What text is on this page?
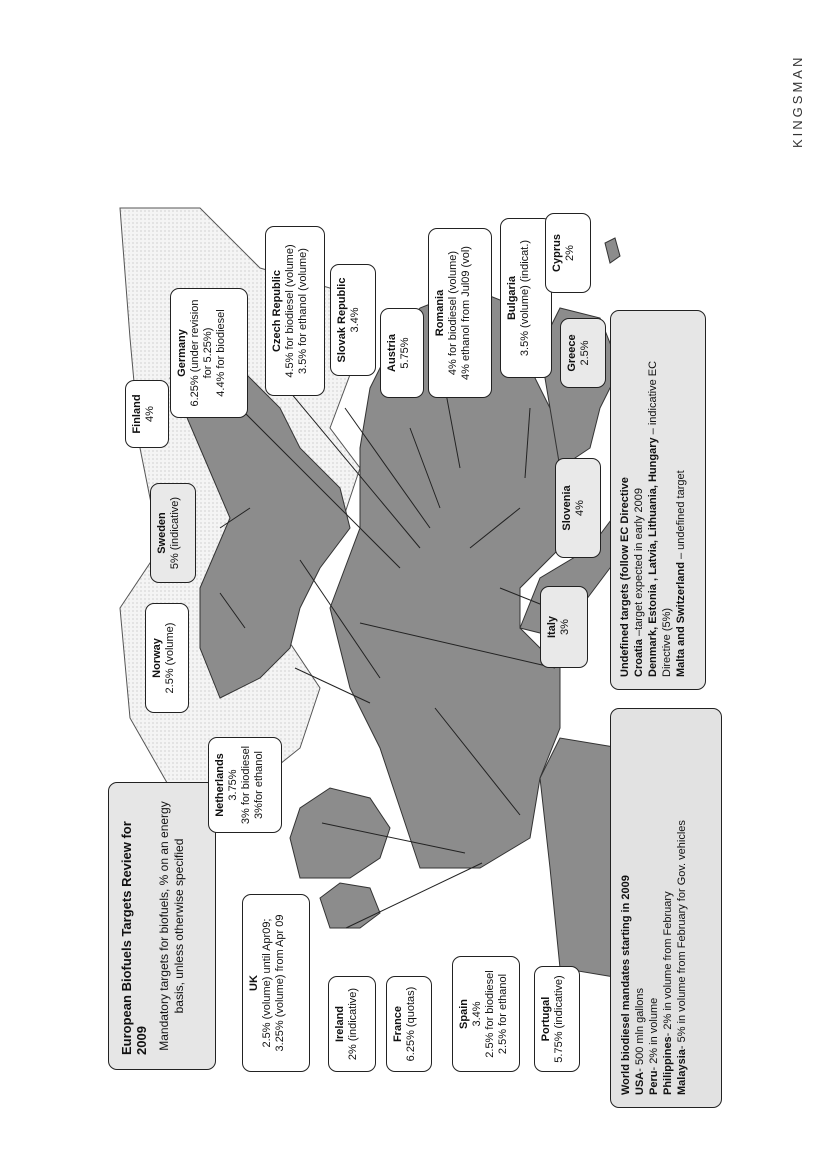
KINGSMAN
European Biofuels Targets Review for 2009 Mandatory targets for biofuels, % on an energy basis, unless otherwise specified	UK 2.5% (volume) until Apr09; 3.25% (volume) from Apr 09	Ireland 2% (indicative)	France 6.25% (quotas)	Spain 3.4% 2.5% for biodiesel 2.5% for ethanol	Portugal 5.75% (indicative)
Netherlands 3.75% 3% for biodiesel 3%for ethanol
Norway 2.5% (volume)
Sweden 5% (indicative)
Finland 4%
Germany 6.25% (under revision for 5.25%) 4.4% for biodiesel	Czech Republic 4.5% for biodiesel (volume) 3.5% for ethanol (volume) Slovak Republic 3.4%
Austria 5.75%
Romania 4% for biodiesel (volume) 4% ethanol from Jul09 (vol)	Bulgaria 3.5% (volume) (indicat.) Cyprus 2%
Greece 2.5%
Slovenia 4%
Italy 3%
World biodiesel mandates starting in 2009 USA- 500 mln gallons
Peru- 2% in volume Philippines- 2% in volume from February
Malaysia- 5% in volume from February for Gov. vehicles
Undefined targets (follow EC Directive Croatia –target expected in early 2009 Denmark, Estonia , Latvia, Lithuania, Hungary – indicative EC Directive (5%) Malta and Switzerland – undefined target
